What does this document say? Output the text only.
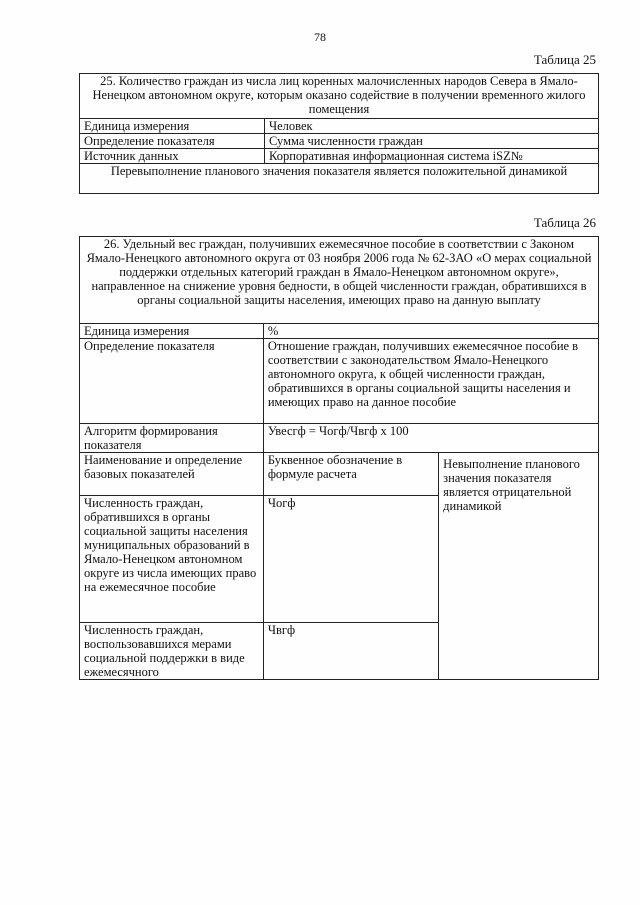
78
Таблица 25
25. Количество граждан из числа лиц коренных малочисленных народов Севера в Ямало-Ненецком автономном округе, которым оказано содействие в получении временного жилого помещения	
Единица измерения	Человек
Определение показателя	Сумма численности граждан
Источник данных	Корпоративная информационная система iSZ№
Перевыполнение планового значения показателя является положительной динамикой	
Таблица 26
26. Удельный вес граждан, получивших ежемесячное пособие в соответствии с Законом Ямало-Ненецкого автономного округа от 03 ноября 2006 года № 62-ЗАО «О мерах социальной поддержки отдельных категорий граждан в Ямало-Ненецком автономном округе», направленное на снижение уровня бедности, в общей численности граждан, обратившихся в органы социальной защиты населения, имеющих право на данную выплату		
Единица измерения	%	
Определение показателя	Отношение граждан, получивших ежемесячное пособие в соответствии с законодательством Ямало-Ненецкого автономного округа, к общей численности граждан, обратившихся в органы социальной защиты населения и имеющих право на данное пособие	
Алгоритм формирования показателя	Увесгф = Чогф/Чвгф х 100	
Наименование и определение базовых показателей	Буквенное обозначение в формуле расчета	Невыполнение планового значения показателя является отрицательной динамикой
Численность граждан, обратившихся в органы социальной защиты населения муниципальных образований в Ямало-Ненецком автономном округе из числа имеющих право на ежемесячное пособие	Чогф	
Численность граждан, воспользовавшихся мерами социальной поддержки в виде ежемесячного	Чвгф	
